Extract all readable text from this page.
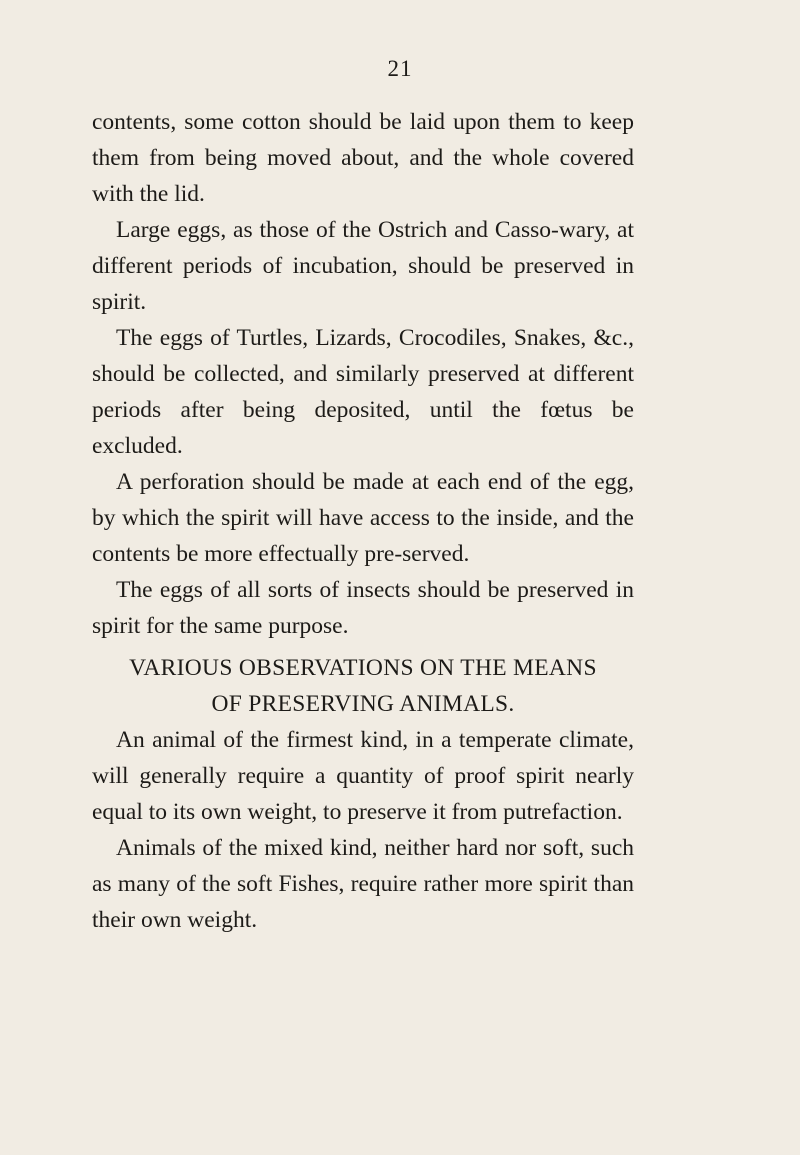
21

contents, some cotton should be laid upon them to keep them from being moved about, and the whole covered with the lid.

Large eggs, as those of the Ostrich and Casso-wary, at different periods of incubation, should be preserved in spirit.

The eggs of Turtles, Lizards, Crocodiles, Snakes, &c., should be collected, and similarly preserved at different periods after being deposited, until the fœtus be excluded.

A perforation should be made at each end of the egg, by which the spirit will have access to the inside, and the contents be more effectually pre-served.

The eggs of all sorts of insects should be preserved in spirit for the same purpose.

VARIOUS OBSERVATIONS ON THE MEANS
OF PRESERVING ANIMALS.

An animal of the firmest kind, in a temperate climate, will generally require a quantity of proof spirit nearly equal to its own weight, to preserve it from putrefaction.

Animals of the mixed kind, neither hard nor soft, such as many of the soft Fishes, require rather more spirit than their own weight.
